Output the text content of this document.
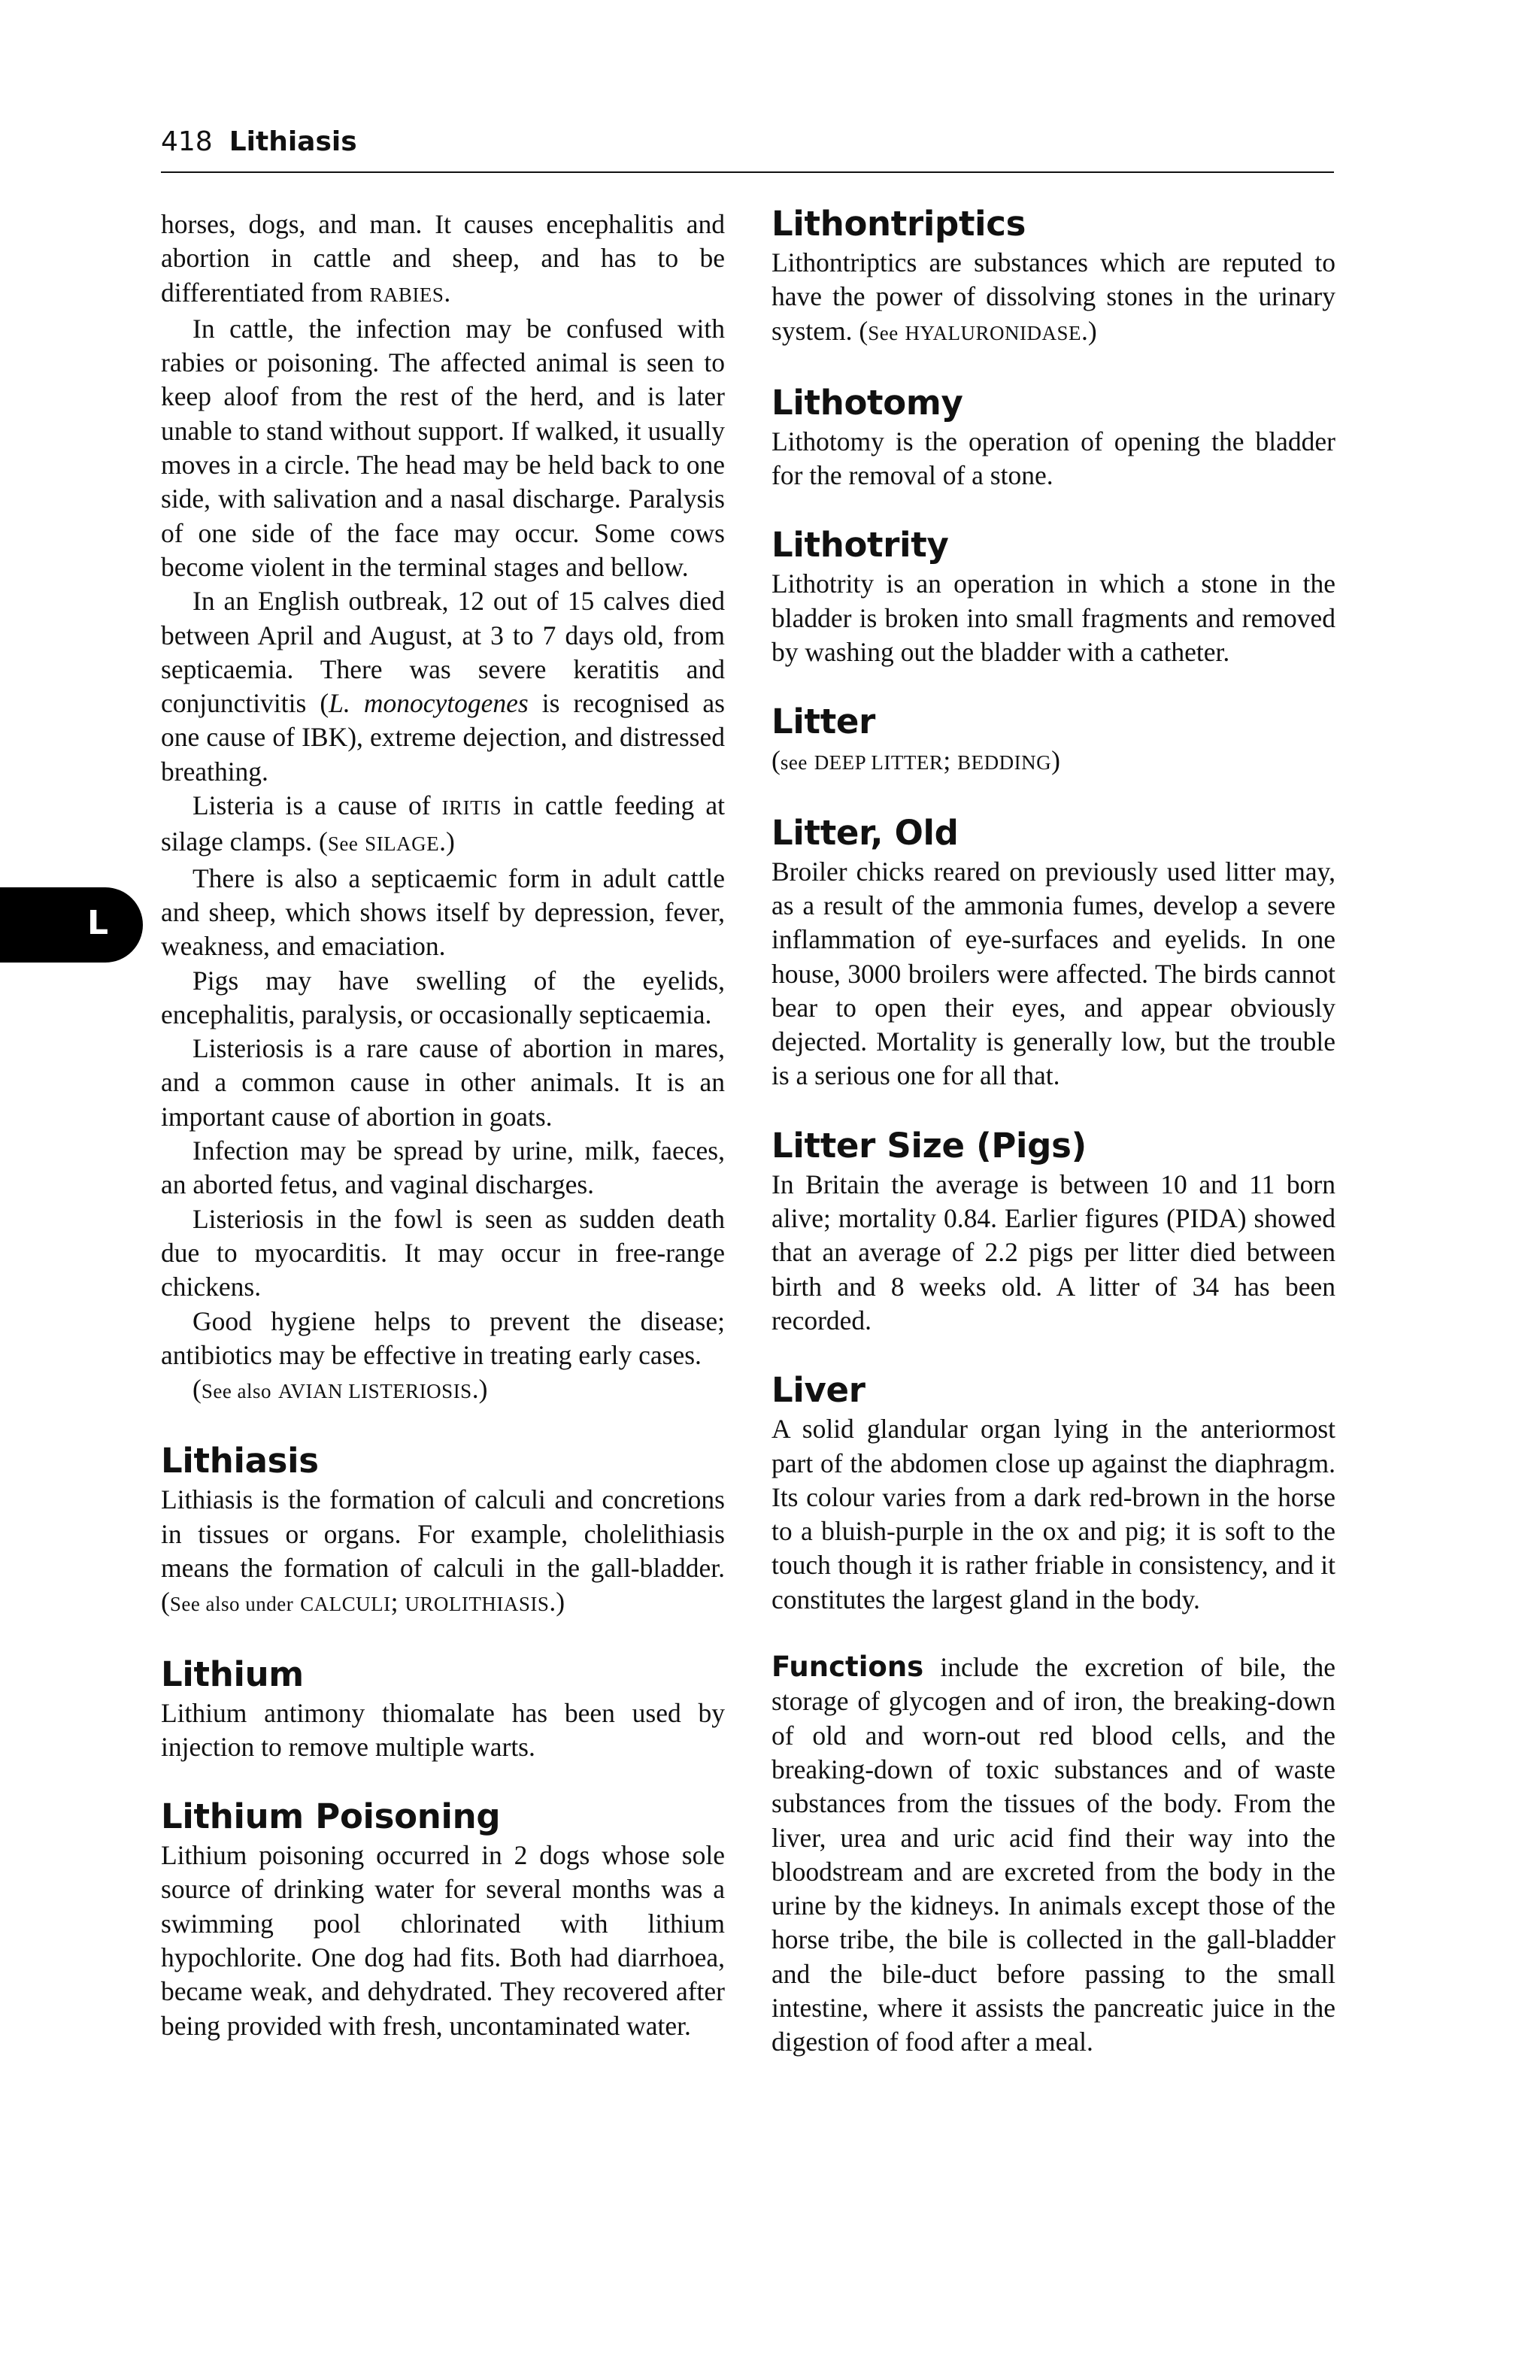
418 Lithiasis
L

horses, dogs, and man. It causes encephalitis and abortion in cattle and sheep, and has to be differentiated from RABIES.

In cattle, the infection may be confused with rabies or poisoning. The affected animal is seen to keep aloof from the rest of the herd, and is later unable to stand without support. If walked, it usually moves in a circle. The head may be held back to one side, with salivation and a nasal discharge. Paralysis of one side of the face may occur. Some cows become violent in the terminal stages and bellow.

In an English outbreak, 12 out of 15 calves died between April and August, at 3 to 7 days old, from septicaemia. There was severe keratitis and conjunctivitis (L. monocytogenes is recognised as one cause of IBK), extreme dejection, and distressed breathing.

Listeria is a cause of IRITIS in cattle feeding at silage clamps. (See SILAGE.)

There is also a septicaemic form in adult cattle and sheep, which shows itself by depression, fever, weakness, and emaciation.

Pigs may have swelling of the eyelids, encephalitis, paralysis, or occasionally septicaemia.

Listeriosis is a rare cause of abortion in mares, and a common cause in other animals. It is an important cause of abortion in goats.

Infection may be spread by urine, milk, faeces, an aborted fetus, and vaginal discharges.

Listeriosis in the fowl is seen as sudden death due to myocarditis. It may occur in free-range chickens.

Good hygiene helps to prevent the disease; antibiotics may be effective in treating early cases.

(See also AVIAN LISTERIOSIS.)

Lithiasis

Lithiasis is the formation of calculi and concretions in tissues or organs. For example, cholelithiasis means the formation of calculi in the gall-bladder. (See also under CALCULI; UROLITHIASIS.)

Lithium

Lithium antimony thiomalate has been used by injection to remove multiple warts.

Lithium Poisoning

Lithium poisoning occurred in 2 dogs whose sole source of drinking water for several months was a swimming pool chlorinated with lithium hypochlorite. One dog had fits. Both had diarrhoea, became weak, and dehydrated. They recovered after being provided with fresh, uncontaminated water.

Lithontriptics

Lithontriptics are substances which are reputed to have the power of dissolving stones in the urinary system. (See HYALURONIDASE.)

Lithotomy

Lithotomy is the operation of opening the bladder for the removal of a stone.

Lithotrity

Lithotrity is an operation in which a stone in the bladder is broken into small fragments and removed by washing out the bladder with a catheter.

Litter

(see DEEP LITTER; BEDDING)

Litter, Old

Broiler chicks reared on previously used litter may, as a result of the ammonia fumes, develop a severe inflammation of eye-surfaces and eyelids. In one house, 3000 broilers were affected. The birds cannot bear to open their eyes, and appear obviously dejected. Mortality is generally low, but the trouble is a serious one for all that.

Litter Size (Pigs)

In Britain the average is between 10 and 11 born alive; mortality 0.84. Earlier figures (PIDA) showed that an average of 2.2 pigs per litter died between birth and 8 weeks old. A litter of 34 has been recorded.

Liver

A solid glandular organ lying in the anteriormost part of the abdomen close up against the diaphragm. Its colour varies from a dark red-brown in the horse to a bluish-purple in the ox and pig; it is soft to the touch though it is rather friable in consistency, and it constitutes the largest gland in the body.

Functions include the excretion of bile, the storage of glycogen and of iron, the breaking-down of old and worn-out red blood cells, and the breaking-down of toxic substances and of waste substances from the tissues of the body. From the liver, urea and uric acid find their way into the bloodstream and are excreted from the body in the urine by the kidneys. In animals except those of the horse tribe, the bile is collected in the gall-bladder and the bile-duct before passing to the small intestine, where it assists the pancreatic juice in the digestion of food after a meal.
